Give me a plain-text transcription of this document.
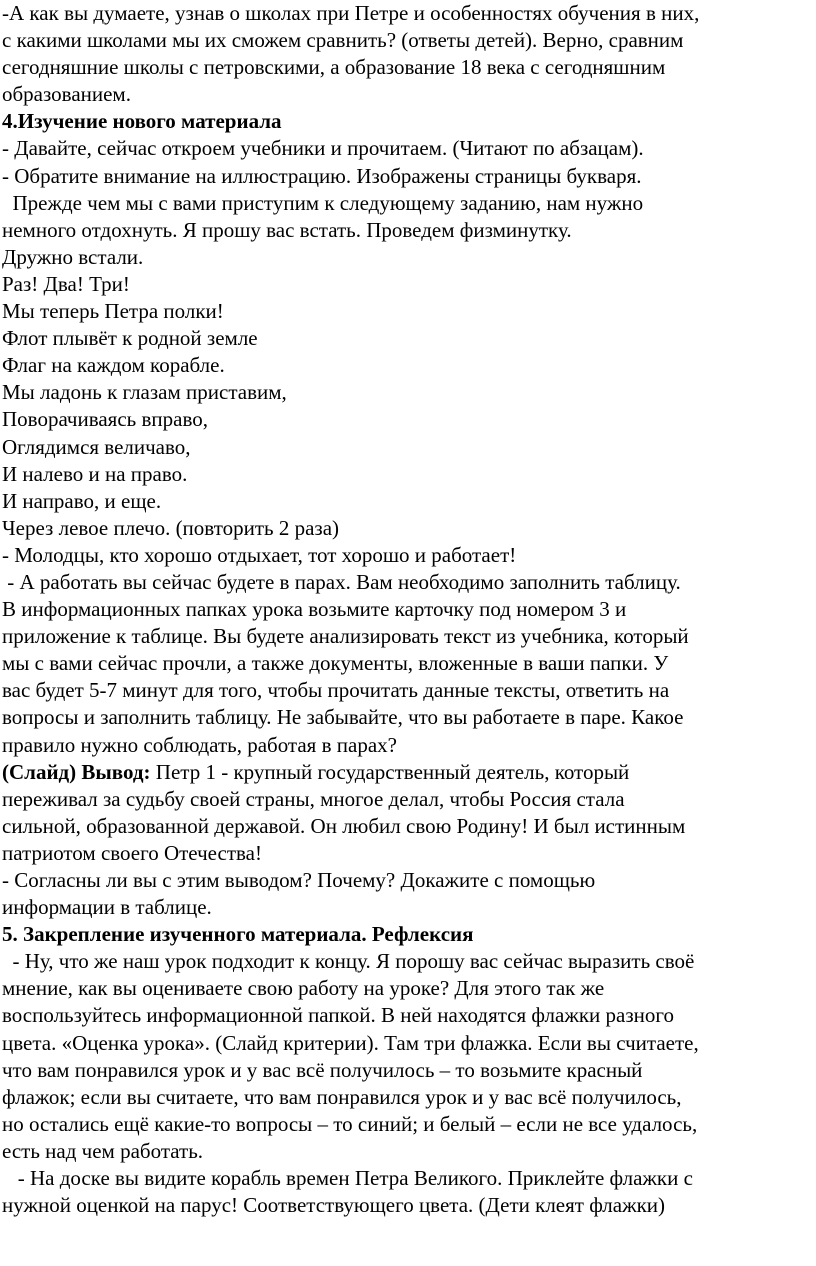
-А как вы думаете, узнав о школах при Петре и особенностях обучения в них,
с какими школами мы их сможем сравнить? (ответы детей). Верно, сравним
сегодняшние школы с петровскими, а образование 18 века с сегодняшним
образованием.
4.Изучение нового материала
- Давайте, сейчас откроем учебники и прочитаем. (Читают по абзацам).
- Обратите внимание на иллюстрацию. Изображены страницы букваря.
Прежде чем мы с вами приступим к следующему заданию, нам нужно
немного отдохнуть. Я прошу вас встать. Проведем физминутку.
Дружно встали.
Раз! Два! Три!
Мы теперь Петра полки!
Флот плывёт к родной земле
Флаг на каждом корабле.
Мы ладонь к глазам приставим,
Поворачиваясь вправо,
Оглядимся величаво,
И налево и на право.
И направо, и еще.
Через левое плечо. (повторить 2 раза)
- Молодцы, кто хорошо отдыхает, тот хорошо и работает!
- А работать вы сейчас будете в парах. Вам необходимо заполнить таблицу.
В информационных папках урока возьмите карточку под номером 3 и
приложение к таблице. Вы будете анализировать текст из учебника, который
мы с вами сейчас прочли, а также документы, вложенные в ваши папки. У
вас будет 5-7 минут для того, чтобы прочитать данные тексты, ответить на
вопросы и заполнить таблицу. Не забывайте, что вы работаете в паре. Какое
правило нужно соблюдать, работая в парах?
(Слайд) Вывод: Петр 1 - крупный государственный деятель, который
переживал за судьбу своей страны, многое делал, чтобы Россия стала
сильной, образованной державой. Он любил свою Родину! И был истинным
патриотом своего Отечества!
- Согласны ли вы с этим выводом? Почему? Докажите с помощью
информации в таблице.
5. Закрепление изученного материала. Рефлексия
- Ну, что же наш урок подходит к концу. Я порошу вас сейчас выразить своё
мнение, как вы оцениваете свою работу на уроке? Для этого так же
воспользуйтесь информационной папкой. В ней находятся флажки разного
цвета. «Оценка урока». (Слайд критерии). Там три флажка. Если вы считаете,
что вам понравился урок и у вас всё получилось – то возьмите красный
флажок; если вы считаете, что вам понравился урок и у вас всё получилось,
но остались ещё какие-то вопросы – то синий; и белый – если не все удалось,
есть над чем работать.
- На доске вы видите корабль времен Петра Великого. Приклейте флажки с
нужной оценкой на парус! Соответствующего цвета. (Дети клеят флажки)
